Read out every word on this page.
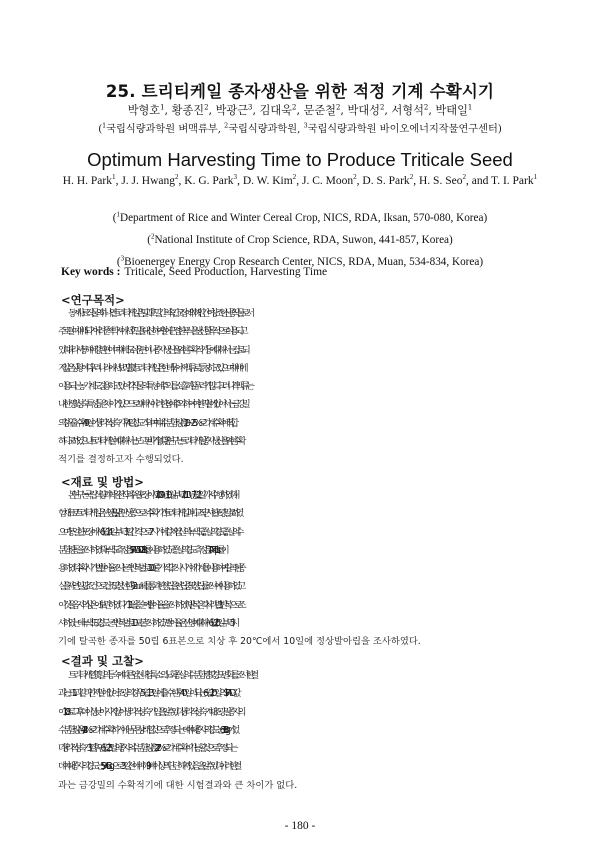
25. 트리티케일 종자생산을 위한 적정 기계 수확시기
박형호$^1$, 황종진$^2$, 박광근$^3$, 김대욱$^2$, 문준철$^2$, 박대성$^2$, 서형석$^2$, 박태일$^1$
($^1$국립식량과학원 벼맥류부, $^2$국립식량과학원, $^3$국립식량과학원 바이오에너지작물연구센터)
Optimum Harvesting Time to Produce Triticale Seed
H. H. Park$^1$, J. J. Hwang$^2$, K. G. Park$^3$, D. W. Kim$^2$, J. C. Moon$^2$, D. S. Park$^2$, H. S. Seo$^2$, and T. I. Park$^1$
($^1$Department of Rice and Winter Cereal Crop, NICS, RDA, Iksan, 570-080, Korea)
($^2$National Institute of Crop Science, RDA, Suwon, 441-857, Korea)
($^3$Bioenergey Energy Crop Research Center, NICS, RDA, Muan, 534-834, Korea)
Key words : Triticale, Seed Production, Harvesting Time
<연구목적>
동계 사료작물의 하나인 트리티케일은 밀과 호밀간의 속간 교잡에 의해 인간이 창조한 신종 작물로서
주로 밀이 재배되기 어려운 척박지에서 호밀을 대신하여 밀에 근접한 곡식을 생산할 목적으로 이용되고
있다. 따라서 동해에 강한 편이며 재배도 쉬운 편이나 종자생산을 위한 수확적기 등에 대해서는 검토되
지 않은 상황이다. 우리나라에서 보리, 밀 및 트리티케일은 한데 묶어서 맥류로 통칭하고 있으며 재배에
이용되는 농기계도 겸용하고 있어 각 작물의 특성에 주의를 소홀히 할 우려가 많다. 그러나 각 맥류는
내한성 및 성숙특성 등은 차이가 있으므로 재배시 이러한 점에 주의하여야 한다. 밀에 있어서는 금강밀
의 경우 출수 후 49일이 생리적 성숙기후 4일 정도가 되며 이 때 수분함량은 20~25%로 기계수확에 적합
하다고 하였으나 트리티케일에 대해서는 보고된 바가 없다. 본 연구는 트리티케일 종자생산을 위한 수확
적기를 결정하고자 수행되었다.
<재료 및 방법>
본 연구는 국립식량과학원 전작과 수원 포장이서 2009년 10월부터 2010년 7월 2일까지 수행하였다. 시
험재료로 트리티케일은 신영을, 밀은 만생종으로서 수확기가 트리티케일과 비교적 근사한 조광밀로 하였
으며 동일한 포장에서 6월 14일부터 3일 간격으로 7시기에 걸쳐 엽신의 녹색도, 종실의 경도, 종실의 수
분함량 등을 조사하였다. 녹색도 측정은 SPAD-502Plus를 이용하였고 종실의 경도측정은 TAXTplus를 이
용하였다. 수확시기별 발아율 조사는 각 반복별로 100줄기씩 각 조사시기에 기계를 이용하여 탈곡한 종
실을 자연일광 조건으로 건조 및 정선한 후 2㎜체를 통과한 정립을 천립중 및 정립률 조사에 이용하였고
이것을 음지의 상온에 보관하였다가 11월 중순에 발아율을 조사하였다. 반복은 각 처리별 3반복으로 조
사하였는데 녹색도 및 경도는 각 반복별로 10포본 조사하였고 발아율은 신영에 대해서 6월 20일부터 5시
기에 탈곡한 종자를 50립 6표본으로 치상 후 20℃에서 10일에 정상발아립을 조사하였다.
<결과 및 고찰>
트리티케일 및 밀의 등숙에 따른 엽신 내 엽록소의 노화, 종실의 수분함량 및 경도 변화를 조사한 결
과는 표 1과 같다. 먼저 밀에 있어 조광의 경우 5월 13일에 출수한 후 40일이 되는 6월 20일의 SPAD값
이 10.8로 그 후 더 이상 낮아지지 않아 생리적 성숙기임을 알 수 있다. 생리적 성숙기 때 조광밀 종자의
수분함량은 42.4%로 기계수확하기에는 무른 상태일 것으로 추정되는데 이때 종자의 경도는 630.8g이었
다. 생리적 성숙기 3일 후인 6월 23일의 종자의 수분함량은 22.7%로 기계수확이 가능할 것으로 추정되는
데 이 때 종자의 경도는 5,946.3g으로 3일 전에 비해 9배 이상의 단단해져 있음을 알 수 있다. 이러한 결
과는 금강밀의 수확적기에 대한 시험결과와 큰 차이가 없다.
- 180 -
